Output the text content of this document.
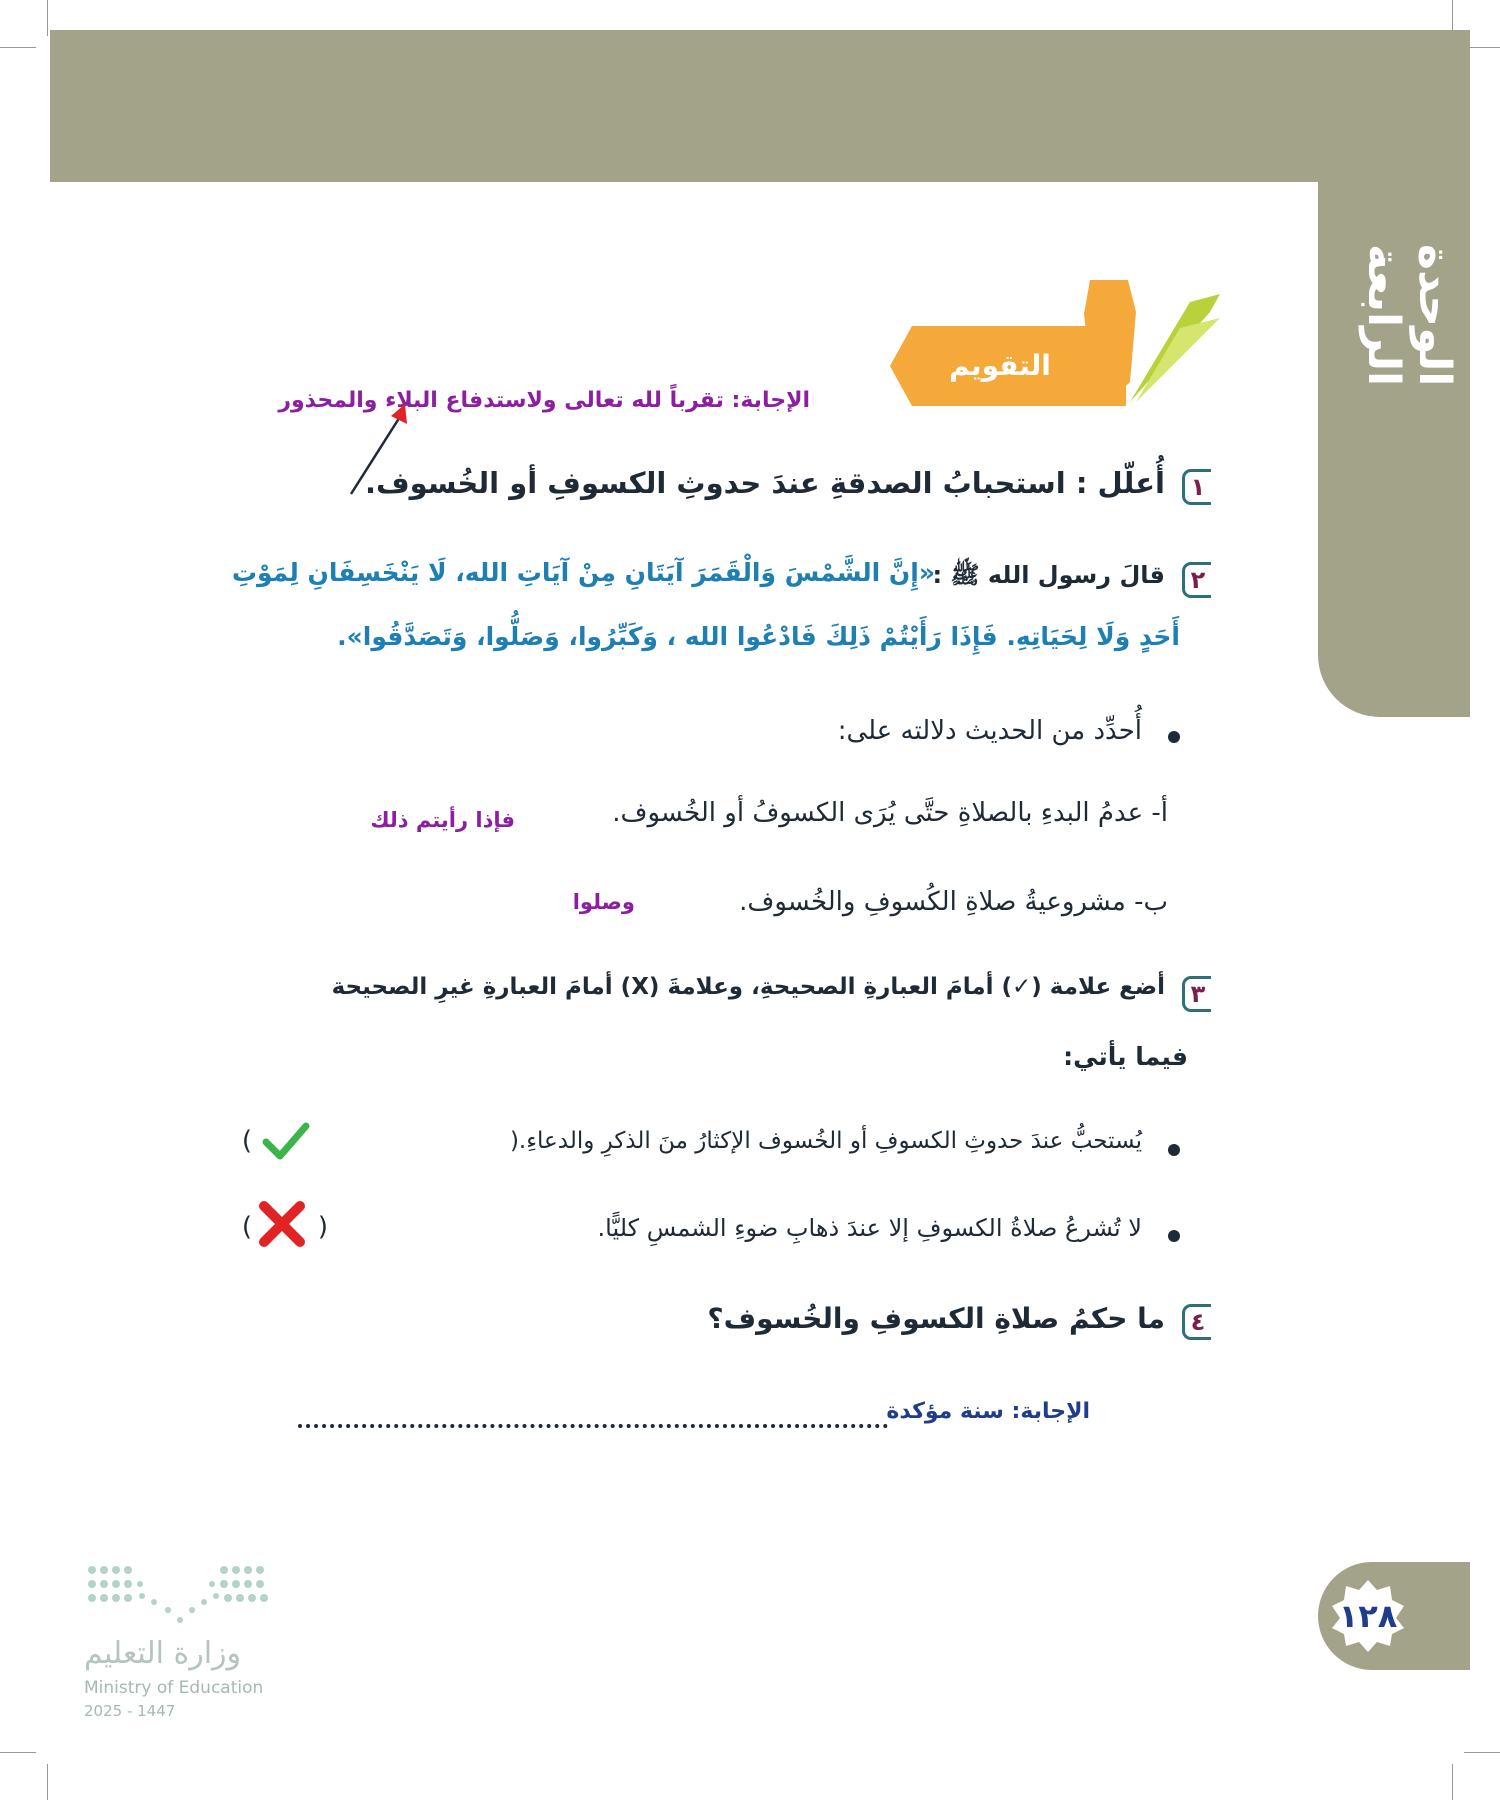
الوحدة الرابعة
التقويم
الإجابة: تقرباً لله تعالى ولاستدفاع البلاء والمحذور
١
أُعلّل : استحبابُ الصدقةِ عندَ حدوثِ الكسوفِ أو الخُسوف.
٢
قالَ رسول الله ﷺ :
«إِنَّ الشَّمْسَ وَالْقَمَرَ آيَتَانِ مِنْ آيَاتِ الله، لَا يَنْخَسِفَانِ لِمَوْتِ
أَحَدٍ وَلَا لِحَيَاتِهِ. فَإِذَا رَأَيْتُمْ ذَلِكَ فَادْعُوا الله ، وَكَبِّرُوا، وَصَلُّوا، وَتَصَدَّقُوا».
أُحدِّد من الحديث دلالته على:
أ- عدمُ البدءِ بالصلاةِ حتَّى يُرَى الكسوفُ أو الخُسوف.
فإذا رأيتم ذلك
ب- مشروعيةُ صلاةِ الكُسوفِ والخُسوف.
وصلوا
٣
أضع علامة (✓) أمامَ العبارةِ الصحيحةِ، وعلامةَ (X) أمامَ العبارةِ غيرِ الصحيحة
فيما يأتي:
يُستحبُّ عندَ حدوثِ الكسوفِ أو الخُسوف الإكثارُ منَ الذكرِ والدعاءِ.(
)
لا تُشرعُ صلاةُ الكسوفِ إلا عندَ ذهابِ ضوءِ الشمسِ كليًّا.
(
)
٤
ما حكمُ صلاةِ الكسوفِ والخُسوف؟
الإجابة: سنة مؤكدة
١٢٨
وزارة التعليم
Ministry of Education
2025 - 1447
